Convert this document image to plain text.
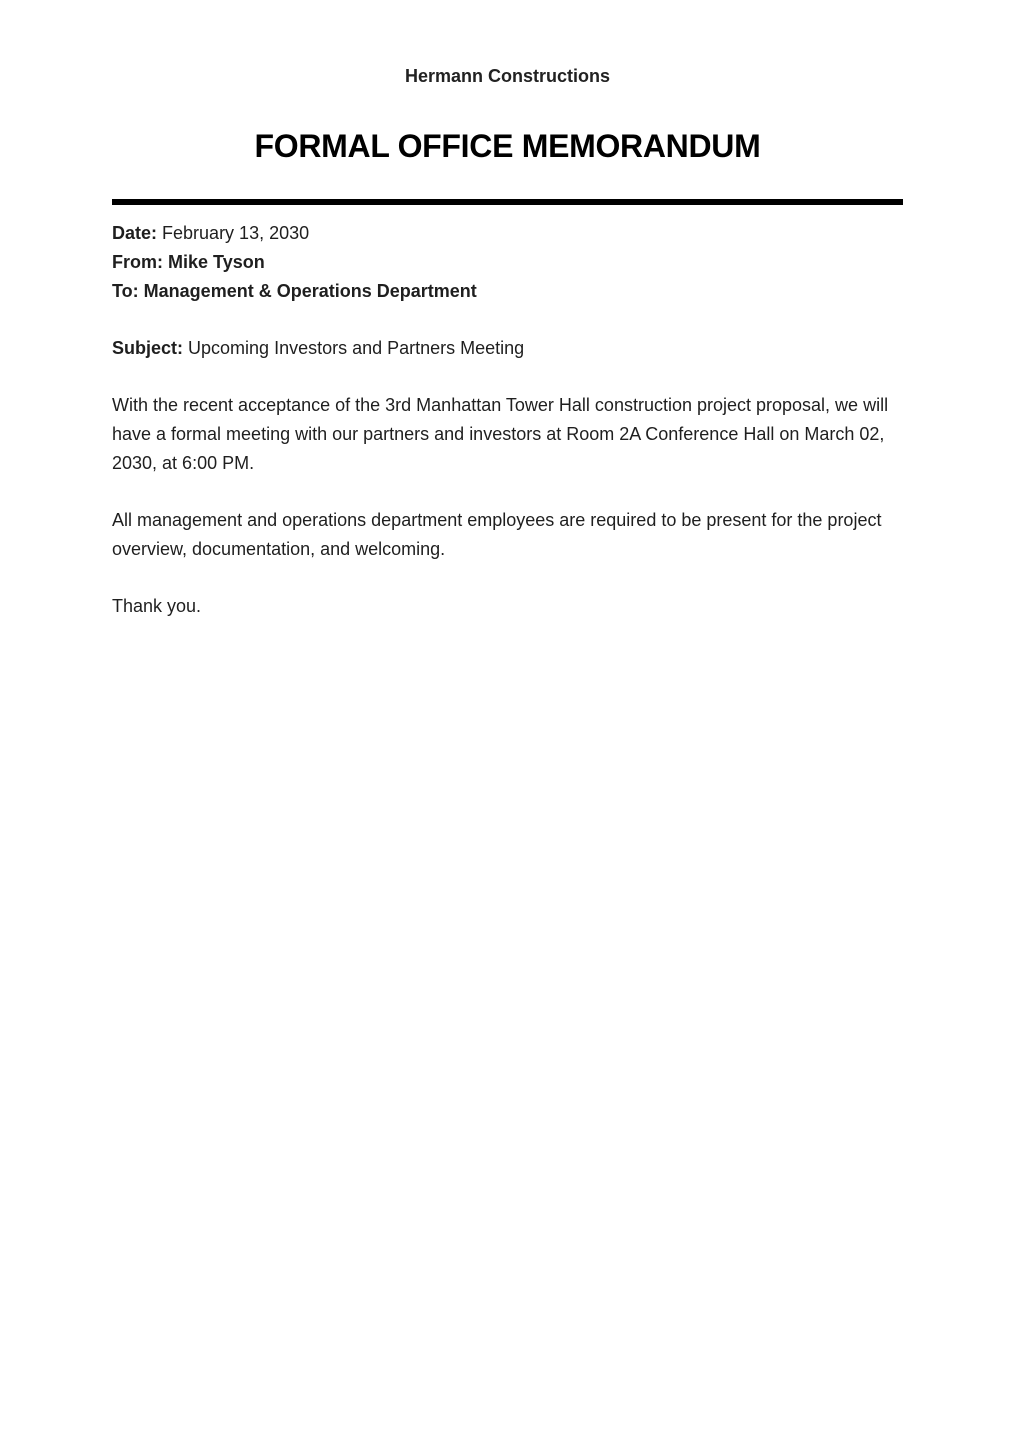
Hermann Constructions
FORMAL OFFICE MEMORANDUM
Date: February 13, 2030
From: Mike Tyson
To: Management & Operations Department
Subject: Upcoming Investors and Partners Meeting

With the recent acceptance of the 3rd Manhattan Tower Hall construction project proposal, we will have a formal meeting with our partners and investors at Room 2A Conference Hall on March 02, 2030, at 6:00 PM.

All management and operations department employees are required to be present for the project overview, documentation, and welcoming.

Thank you.
